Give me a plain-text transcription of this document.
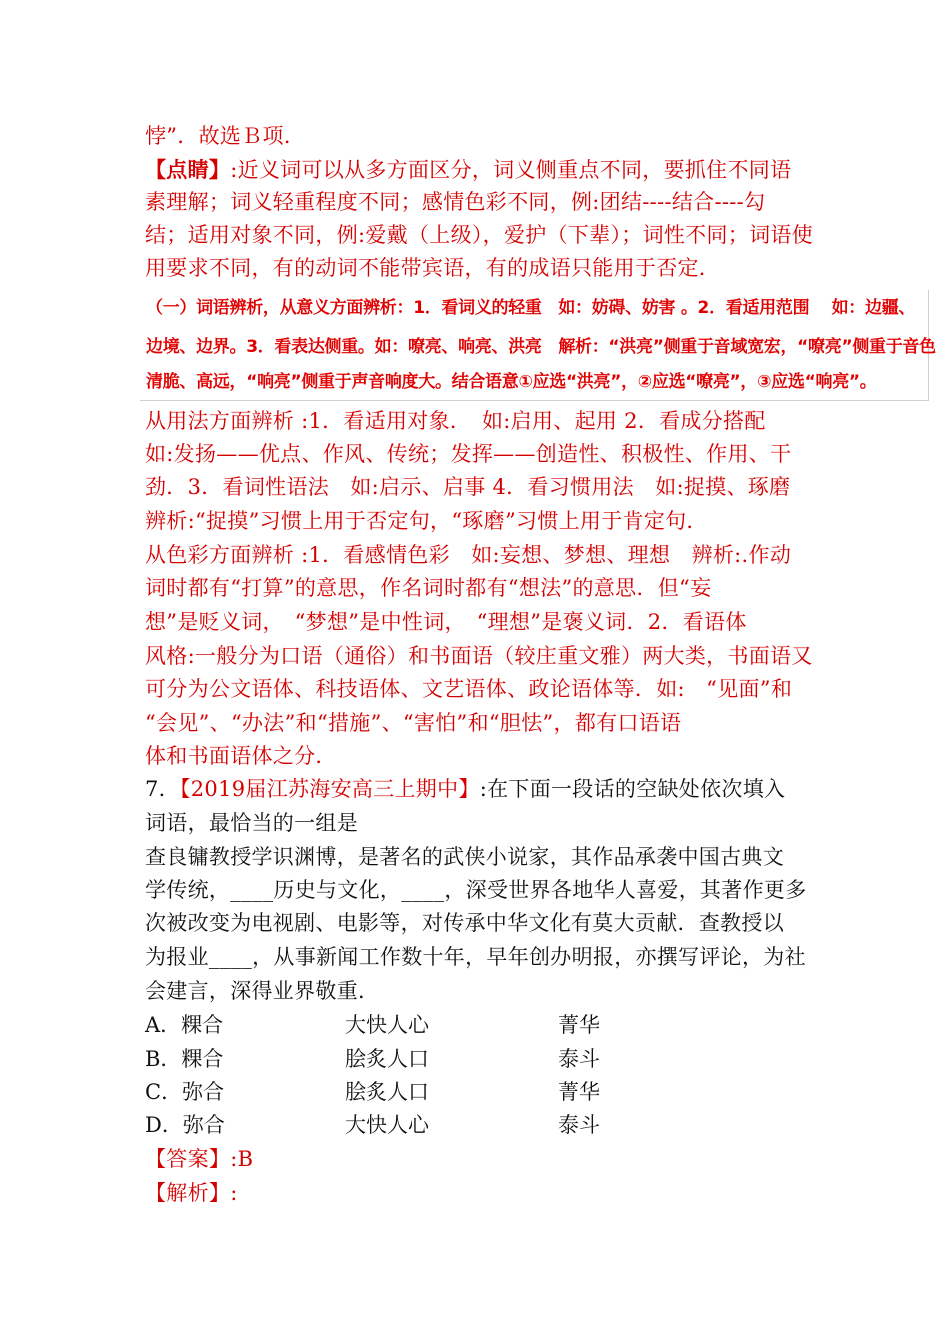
悖”．故选Ｂ项．
【点睛】:近义词可以从多方面区分，词义侧重点不同，要抓住不同语
素理解；词义轻重程度不同；感情色彩不同，例:团结----结合----勾
结；适用对象不同，例:爱戴（上级），爱护（下辈）；词性不同；词语使
用要求不同，有的动词不能带宾语，有的成语只能用于否定．
（一）词语辨析，从意义方面辨析：1．看词义的轻重　如：妨碍、妨害 。2．看适用范围　 如：边疆、
边境、边界。3．看表达侧重。如：嘹亮、响亮、洪亮　解析：“洪亮”侧重于音域宽宏，“嘹亮”侧重于音色
清脆、高远，“响亮”侧重于声音响度大。结合语意①应选“洪亮”，②应选“嘹亮”，③应选“响亮”。
从用法方面辨析 :1．看适用对象．　如:启用、起用 2．看成分搭配
如:发扬——优点、作风、传统；发挥——创造性、积极性、作用、干
劲．3．看词性语法　如:启示、启事 4．看习惯用法　如:捉摸、琢磨
辨析:“捉摸”习惯上用于否定句，“琢磨”习惯上用于肯定句．
从色彩方面辨析 :1．看感情色彩　如:妄想、梦想、理想　辨析:.作动
词时都有“打算”的意思，作名词时都有“想法”的意思．但“妄
想”是贬义词，　“梦想”是中性词，　“理想”是褒义词．2．看语体
风格:一般分为口语（通俗）和书面语（较庄重文雅）两大类，书面语又
可分为公文语体、科技语体、文艺语体、政论语体等．如:　“见面”和
“会见”、“办法”和“措施”、“害怕”和“胆怯”，都有口语语
体和书面语体之分．
7．【2019届江苏海安高三上期中】:在下面一段话的空缺处依次填入
词语，最恰当的一组是
查良镛教授学识渊博，是著名的武侠小说家，其作品承袭中国古典文
学传统，____历史与文化，____，深受世界各地华人喜爱，其著作更多
次被改变为电视剧、电影等，对传承中华文化有莫大贡献．查教授以
为报业____，从事新闻工作数十年，早年创办明报，亦撰写评论，为社
会建言，深得业界敬重．
A．粿合	大快人心	菁华
B．粿合	脍炙人口	泰斗
C．弥合	脍炙人口	菁华
D．弥合	大快人心	泰斗
【答案】:B
【解析】:
